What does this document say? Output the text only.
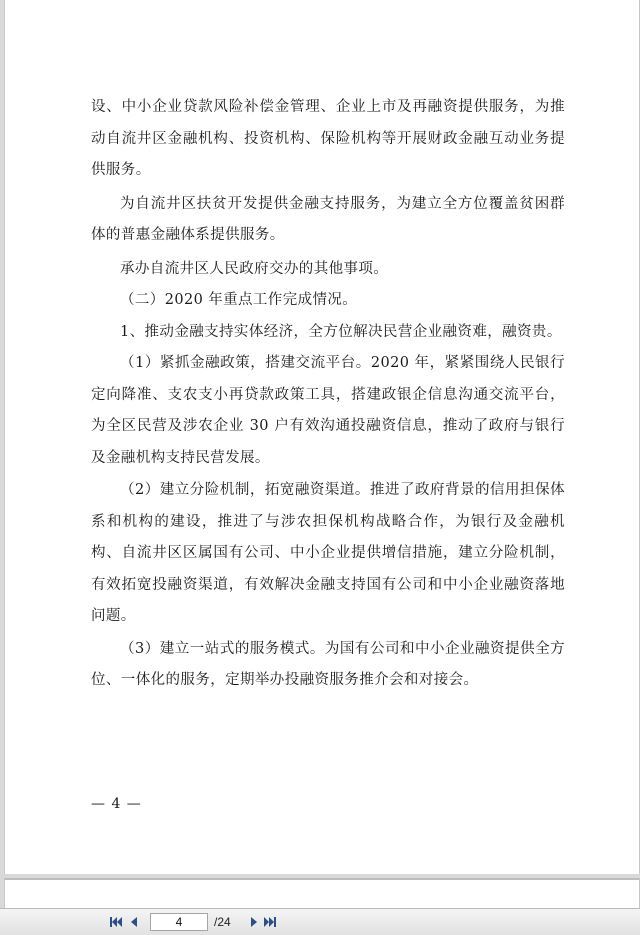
设、中小企业贷款风险补偿金管理、企业上市及再融资提供服务，为推动自流井区金融机构、投资机构、保险机构等开展财政金融互动业务提供服务。

为自流井区扶贫开发提供金融支持服务，为建立全方位覆盖贫困群体的普惠金融体系提供服务。

承办自流井区人民政府交办的其他事项。

（二）2020 年重点工作完成情况。

1、推动金融支持实体经济，全方位解决民营企业融资难，融资贵。

（1）紧抓金融政策，搭建交流平台。2020 年，紧紧围绕人民银行定向降准、支农支小再贷款政策工具，搭建政银企信息沟通交流平台，为全区民营及涉农企业 30 户有效沟通投融资信息，推动了政府与银行及金融机构支持民营发展。

（2）建立分险机制，拓宽融资渠道。推进了政府背景的信用担保体系和机构的建设，推进了与涉农担保机构战略合作，为银行及金融机构、自流井区区属国有公司、中小企业提供增信措施，建立分险机制，有效拓宽投融资渠道，有效解决金融支持国有公司和中小企业融资落地问题。

（3）建立一站式的服务模式。为国有公司和中小企业融资提供全方位、一体化的服务，定期举办投融资服务推介会和对接会。

— 4 —
4
/24
